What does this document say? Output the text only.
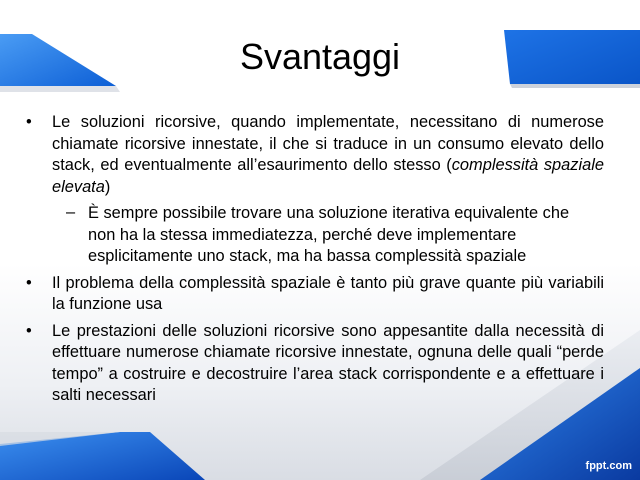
Svantaggi
• Le soluzioni ricorsive, quando implementate, necessitano di numerose chiamate ricorsive innestate, il che si traduce in un consumo elevato dello stack, ed eventualmente all’esaurimento dello stesso (complessità spaziale elevata)
– È sempre possibile trovare una soluzione iterativa equivalente che non ha la stessa immediatezza, perché deve implementare esplicitamente uno stack, ma ha bassa complessità spaziale
• Il problema della complessità spaziale è tanto più grave quante più variabili la funzione usa
• Le prestazioni delle soluzioni ricorsive sono appesantite dalla necessità di effettuare numerose chiamate ricorsive innestate, ognuna delle quali “perde tempo” a costruire e decostruire l’area stack corrispondente e a effettuare i salti necessari
fppt.com
